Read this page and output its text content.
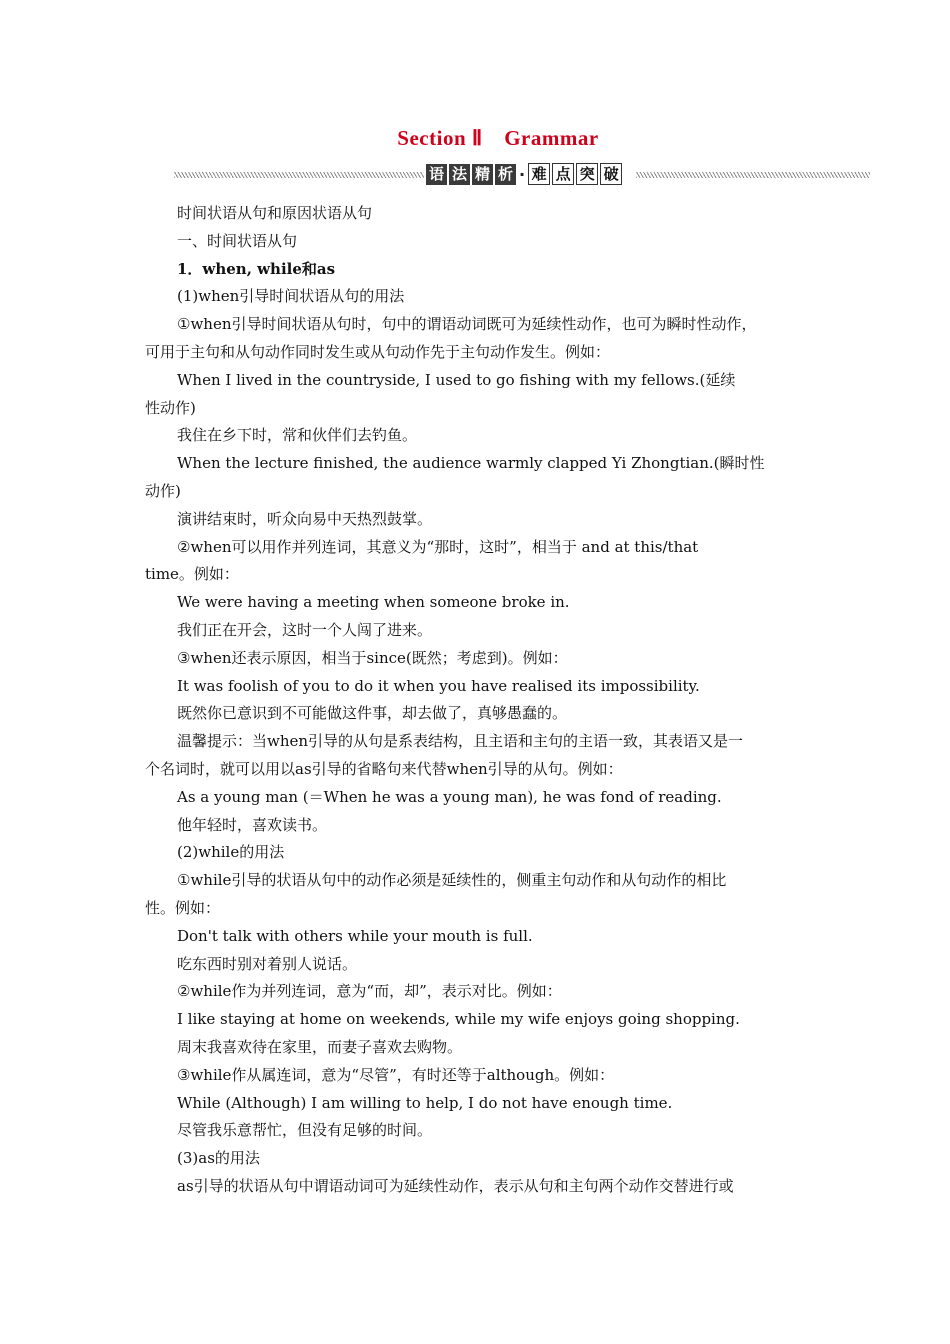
Section Ⅱ　Grammar
语 法 精 析 · 难 点 突 破
时间状语从句和原因状语从句
一、时间状语从句
1．when, while和as
(1)when引导时间状语从句的用法
①when引导时间状语从句时，句中的谓语动词既可为延续性动作，也可为瞬时性动作，
可用于主句和从句动作同时发生或从句动作先于主句动作发生。例如：
When I lived in the countryside, I used to go fishing with my fellows.(延续
性动作)
我住在乡下时，常和伙伴们去钓鱼。
When the lecture finished, the audience warmly clapped Yi Zhongtian.(瞬时性
动作)
演讲结束时，听众向易中天热烈鼓掌。
②when可以用作并列连词，其意义为“那时，这时”，相当于 and at this/that
time。例如：
We were having a meeting when someone broke in.
我们正在开会，这时一个人闯了进来。
③when还表示原因，相当于since(既然；考虑到)。例如：
It was foolish of you to do it when you have realised its impossibility.
既然你已意识到不可能做这件事，却去做了，真够愚蠢的。
温馨提示：当when引导的从句是系表结构，且主语和主句的主语一致，其表语又是一
个名词时，就可以用以as引导的省略句来代替when引导的从句。例如：
As a young man (＝When he was a young man), he was fond of reading.
他年轻时，喜欢读书。
(2)while的用法
①while引导的状语从句中的动作必须是延续性的，侧重主句动作和从句动作的相比
性。例如：
Don't talk with others while your mouth is full.
吃东西时别对着别人说话。
②while作为并列连词，意为“而，却”，表示对比。例如：
I like staying at home on weekends, while my wife enjoys going shopping.
周末我喜欢待在家里，而妻子喜欢去购物。
③while作从属连词，意为“尽管”，有时还等于although。例如：
While (Although) I am willing to help, I do not have enough time.
尽管我乐意帮忙，但没有足够的时间。
(3)as的用法
as引导的状语从句中谓语动词可为延续性动作，表示从句和主句两个动作交替进行或
